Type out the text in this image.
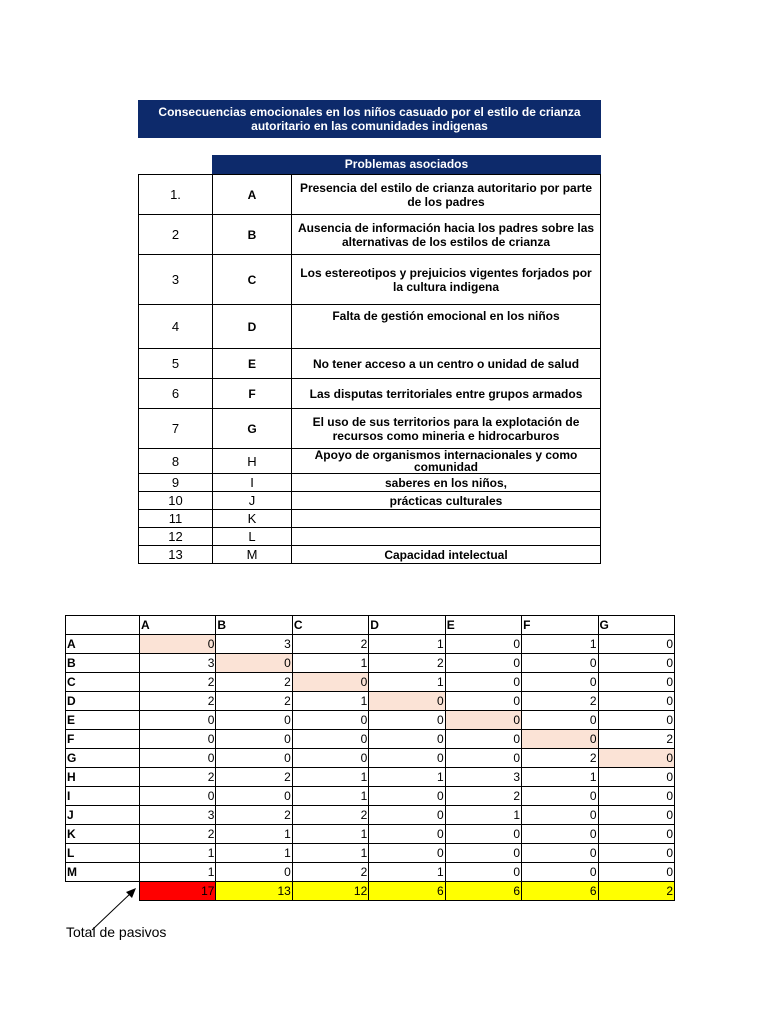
Consecuencias emocionales en los niños casuado por el estilo de crianza autoritario en las comunidades indigenas
Problemas asociados
1.	A	Presencia del estilo de crianza autoritario por parte de los padres
2	B	Ausencia de información hacia los padres sobre las alternativas de los estilos de crianza
3	C	Los estereotipos y prejuicios vigentes forjados por la cultura indigena
4	D	Falta de gestión emocional en los niños
5	E	No tener acceso a un centro o unidad de salud
6	F	Las disputas territoriales entre grupos armados
7	G	El uso de sus territorios para la explotación de recursos como mineria e hidrocarburos
8	H	Apoyo de organismos internacionales y como comunidad
9	I	saberes en los niños,
10	J	prácticas culturales
11	K	
12	L	
13	M	Capacidad intelectual
	A	B	C	D	E	F	G
A	0	3	2	1	0	1	0
B	3	0	1	2	0	0	0
C	2	2	0	1	0	0	0
D	2	2	1	0	0	2	0
E	0	0	0	0	0	0	0
F	0	0	0	0	0	0	2
G	0	0	0	0	0	2	0
H	2	2	1	1	3	1	0
I	0	0	1	0	2	0	0
J	3	2	2	0	1	0	0
K	2	1	1	0	0	0	0
L	1	1	1	0	0	0	0
M	1	0	2	1	0	0	0
	17	13	12	6	6	6	2
Total de pasivos
